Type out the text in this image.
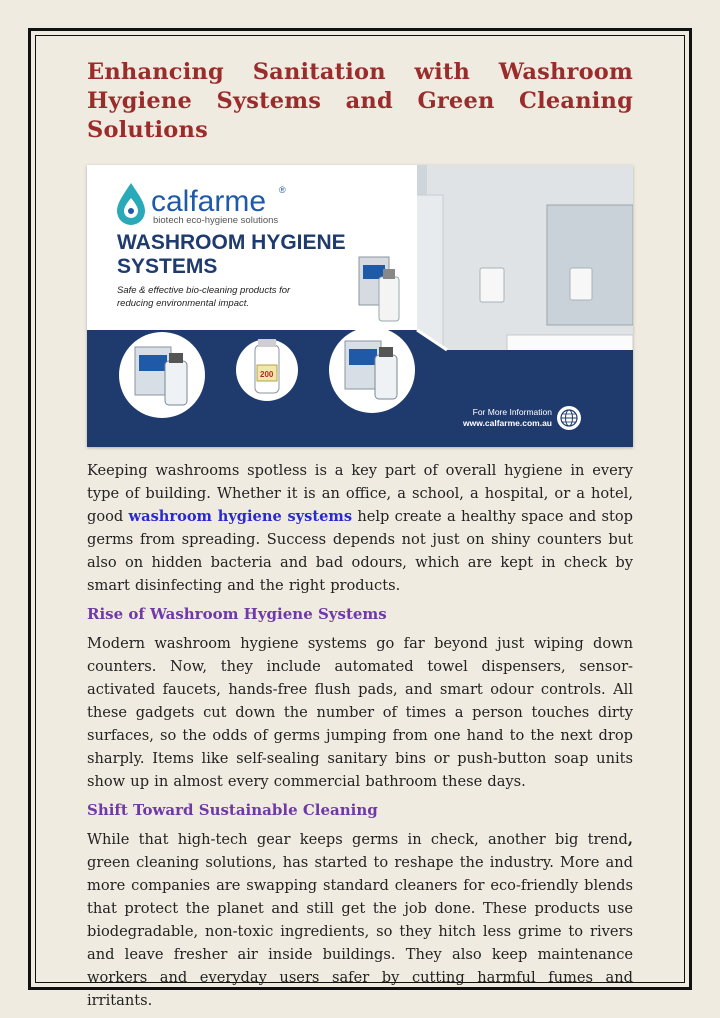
Enhancing Sanitation with Washroom Hygiene Systems and Green Cleaning Solutions
calfarme ®
biotech eco-hygiene solutions
WASHROOM HYGIENE
SYSTEMS
Safe & effective bio-cleaning products for
reducing environmental impact.
200
For More Information
www.calfarme.com.au

Keeping washrooms spotless is a key part of overall hygiene in every type of building. Whether it is an office, a school, a hospital, or a hotel, good washroom hygiene systems help create a healthy space and stop germs from spreading. Success depends not just on shiny counters but also on hidden bacteria and bad odours, which are kept in check by smart disinfecting and the right products.

Rise of Washroom Hygiene Systems

Modern washroom hygiene systems go far beyond just wiping down counters. Now, they include automated towel dispensers, sensor-activated faucets, hands-free flush pads, and smart odour controls. All these gadgets cut down the number of times a person touches dirty surfaces, so the odds of germs jumping from one hand to the next drop sharply. Items like self-sealing sanitary bins or push-button soap units show up in almost every commercial bathroom these days.

Shift Toward Sustainable Cleaning

While that high-tech gear keeps germs in check, another big trend, green cleaning solutions, has started to reshape the industry. More and more companies are swapping standard cleaners for eco-friendly blends that protect the planet and still get the job done. These products use biodegradable, non-toxic ingredients, so they hitch less grime to rivers and leave fresher air inside buildings. They also keep maintenance workers and everyday users safer by cutting harmful fumes and irritants.
